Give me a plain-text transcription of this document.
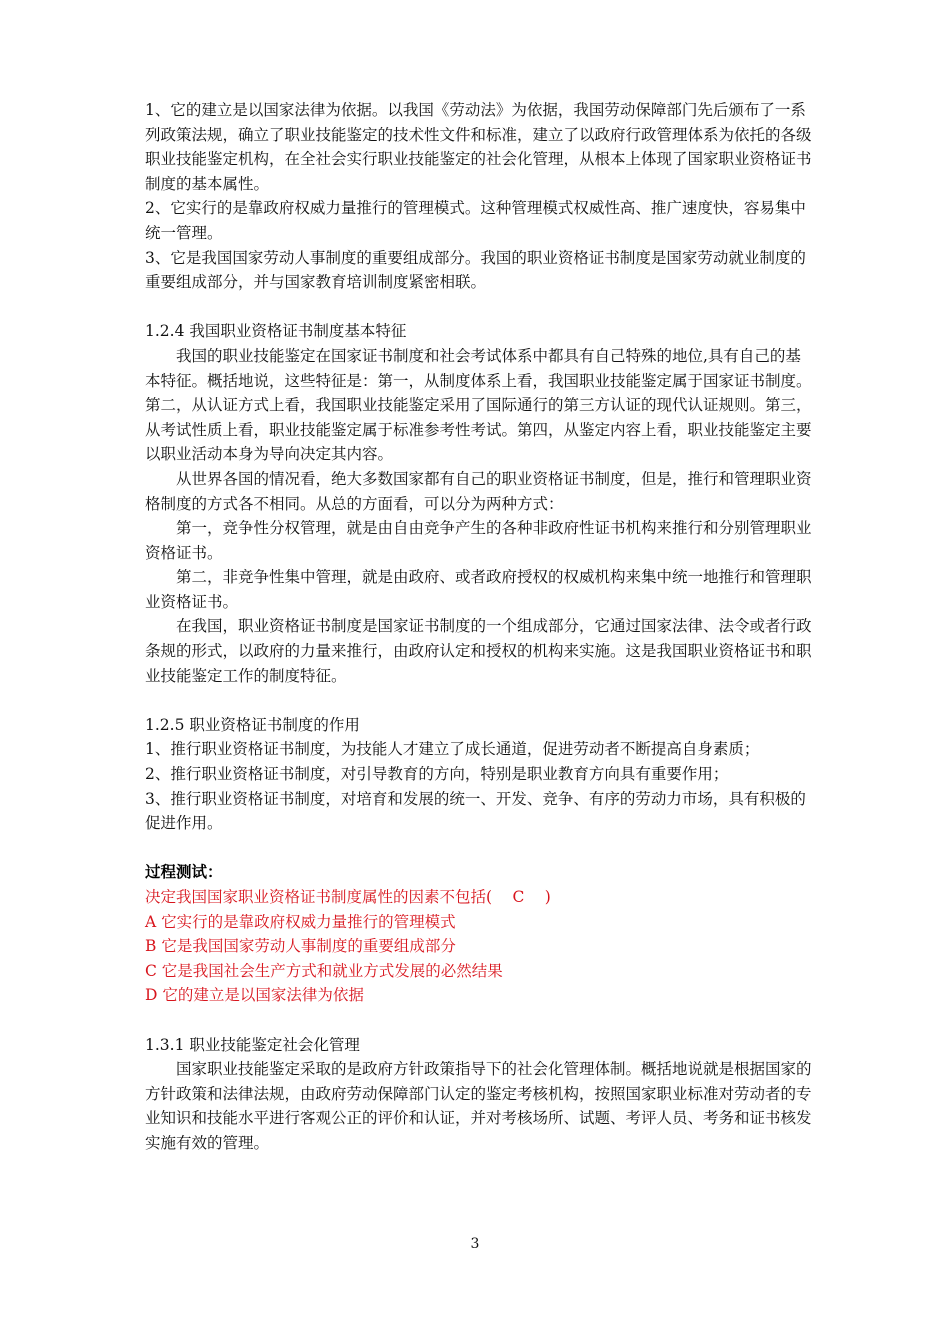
1、它的建立是以国家法律为依据。以我国《劳动法》为依据，我国劳动保障部门先后颁布了一系列政策法规，确立了职业技能鉴定的技术性文件和标准，建立了以政府行政管理体系为依托的各级职业技能鉴定机构，在全社会实行职业技能鉴定的社会化管理，从根本上体现了国家职业资格证书制度的基本属性。

2、它实行的是靠政府权威力量推行的管理模式。这种管理模式权威性高、推广速度快，容易集中统一管理。

3、它是我国国家劳动人事制度的重要组成部分。我国的职业资格证书制度是国家劳动就业制度的重要组成部分，并与国家教育培训制度紧密相联。

1.2.4 我国职业资格证书制度基本特征

我国的职业技能鉴定在国家证书制度和社会考试体系中都具有自己特殊的地位,具有自己的基本特征。概括地说，这些特征是：第一，从制度体系上看，我国职业技能鉴定属于国家证书制度。第二，从认证方式上看，我国职业技能鉴定采用了国际通行的第三方认证的现代认证规则。第三，从考试性质上看，职业技能鉴定属于标准参考性考试。第四，从鉴定内容上看，职业技能鉴定主要以职业活动本身为导向决定其内容。

从世界各国的情况看，绝大多数国家都有自己的职业资格证书制度，但是，推行和管理职业资格制度的方式各不相同。从总的方面看，可以分为两种方式：

第一，竞争性分权管理，就是由自由竞争产生的各种非政府性证书机构来推行和分别管理职业资格证书。

第二，非竞争性集中管理，就是由政府、或者政府授权的权威机构来集中统一地推行和管理职业资格证书。

在我国，职业资格证书制度是国家证书制度的一个组成部分，它通过国家法律、法令或者行政条规的形式，以政府的力量来推行，由政府认定和授权的机构来实施。这是我国职业资格证书和职业技能鉴定工作的制度特征。

1.2.5 职业资格证书制度的作用

1、推行职业资格证书制度，为技能人才建立了成长通道，促进劳动者不断提高自身素质；

2、推行职业资格证书制度，对引导教育的方向，特别是职业教育方向具有重要作用；

3、推行职业资格证书制度，对培育和发展的统一、开发、竞争、有序的劳动力市场，具有积极的促进作用。

过程测试：

决定我国国家职业资格证书制度属性的因素不包括(　 C　 )

A 它实行的是靠政府权威力量推行的管理模式

B 它是我国国家劳动人事制度的重要组成部分

C 它是我国社会生产方式和就业方式发展的必然结果

D 它的建立是以国家法律为依据

1.3.1 职业技能鉴定社会化管理

国家职业技能鉴定采取的是政府方针政策指导下的社会化管理体制。概括地说就是根据国家的方针政策和法律法规，由政府劳动保障部门认定的鉴定考核机构，按照国家职业标准对劳动者的专业知识和技能水平进行客观公正的评价和认证，并对考核场所、试题、考评人员、考务和证书核发实施有效的管理。

3
